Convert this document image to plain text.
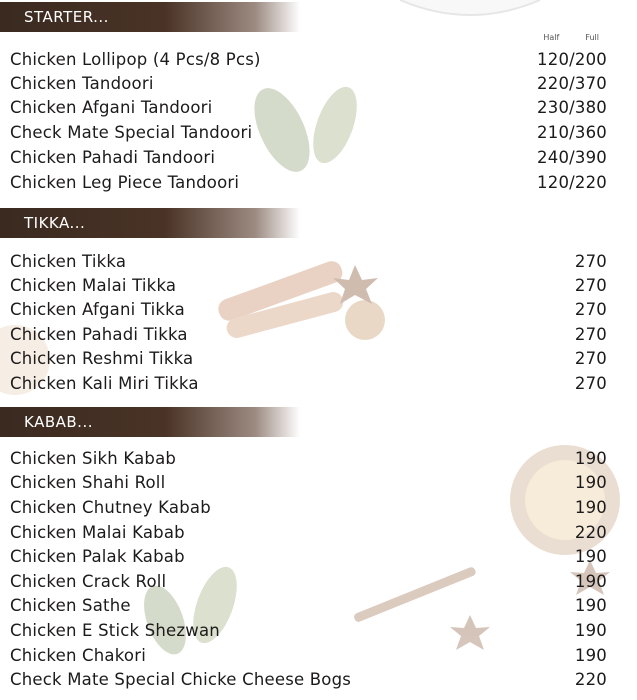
STARTER...
Half	Full
Chicken Lollipop (4 Pcs/8 Pcs)	120/200
Chicken Tandoori	220/370
Chicken Afgani Tandoori	230/380
Check Mate Special Tandoori	210/360
Chicken Pahadi Tandoori	240/390
Chicken Leg Piece Tandoori	120/220
TIKKA...
Chicken Tikka	270
Chicken Malai Tikka	270
Chicken Afgani Tikka	270
Chicken Pahadi Tikka	270
Chicken Reshmi Tikka	270
Chicken Kali Miri Tikka	270
KABAB...
Chicken Sikh Kabab	190
Chicken Shahi Roll	190
Chicken Chutney Kabab	190
Chicken Malai Kabab	220
Chicken Palak Kabab	190
Chicken Crack Roll	190
Chicken Sathe	190
Chicken E Stick Shezwan	190
Chicken Chakori	190
Check Mate Special Chicke Cheese Bogs	220
